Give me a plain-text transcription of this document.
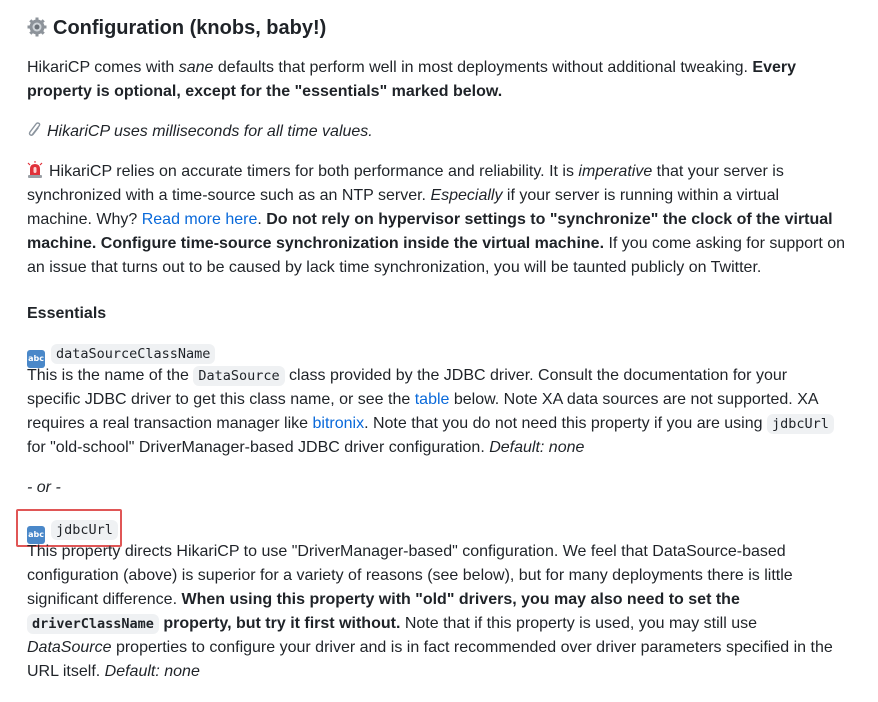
Configuration (knobs, baby!)
HikariCP comes with sane defaults that perform well in most deployments without additional tweaking. Every
property is optional, except for the "essentials" marked below.
HikariCP uses milliseconds for all time values.
HikariCP relies on accurate timers for both performance and reliability. It is imperative that your server is
synchronized with a time-source such as an NTP server. Especially if your server is running within a virtual
machine. Why? Read more here. Do not rely on hypervisor settings to "synchronize" the clock of the virtual
machine. Configure time-source synchronization inside the virtual machine. If you come asking for support on
an issue that turns out to be caused by lack time synchronization, you will be taunted publicly on Twitter.
Essentials
abc dataSourceClassName
This is the name of the DataSource class provided by the JDBC driver. Consult the documentation for your
specific JDBC driver to get this class name, or see the table below. Note XA data sources are not supported. XA
requires a real transaction manager like bitronix. Note that you do not need this property if you are using jdbcUrl
for "old-school" DriverManager-based JDBC driver configuration. Default: none
- or -
abc jdbcUrl
This property directs HikariCP to use "DriverManager-based" configuration. We feel that DataSource-based
configuration (above) is superior for a variety of reasons (see below), but for many deployments there is little
significant difference. When using this property with "old" drivers, you may also need to set the
driverClassName property, but try it first without. Note that if this property is used, you may still use
DataSource properties to configure your driver and is in fact recommended over driver parameters specified in the
URL itself. Default: none
